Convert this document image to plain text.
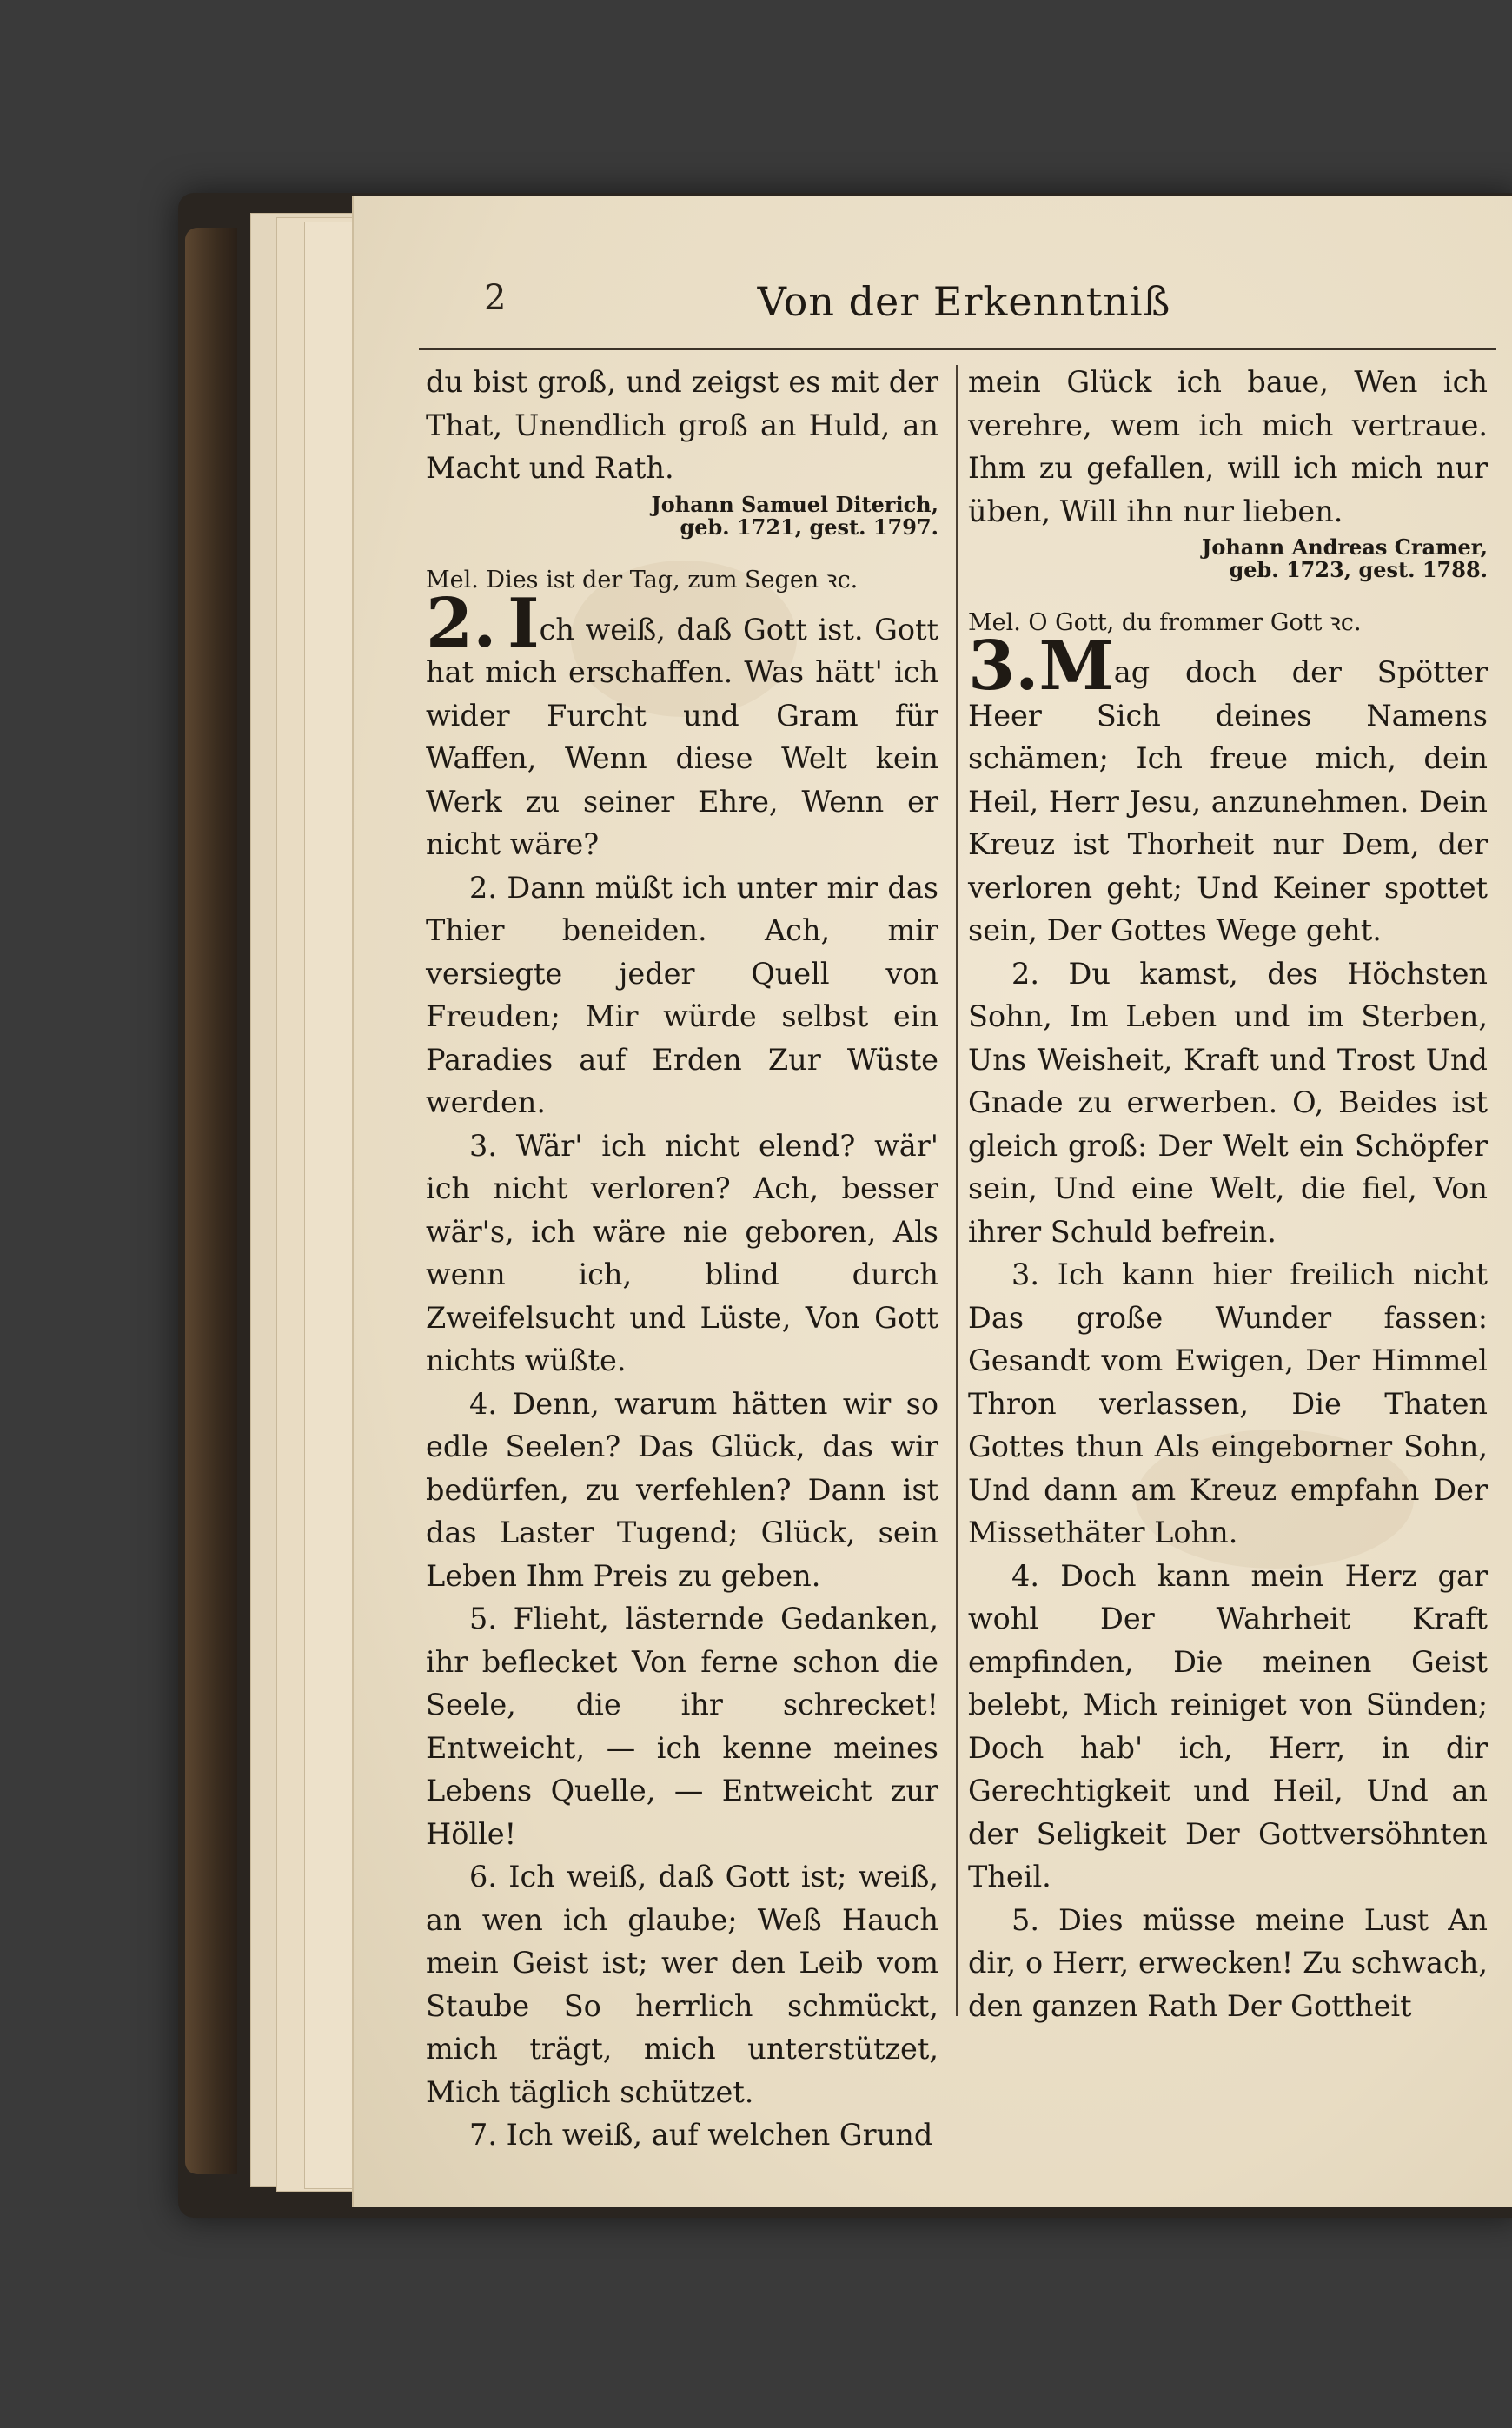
2	Von der Erkenntniß

du bist groß, und zeigst es mit der That, Unendlich groß an Huld, an Macht und Rath.

Johann Samuel Diterich,
geb. 1721, gest. 1797.

Mel. Dies ist der Tag, zum Segen ꝛc.

2. Ich weiß, daß Gott ist. Gott hat mich erschaffen. Was hätt' ich wider Furcht und Gram für Waffen, Wenn diese Welt kein Werk zu seiner Ehre, Wenn er nicht wäre?

2. Dann müßt ich unter mir das Thier beneiden. Ach, mir versiegte jeder Quell von Freuden; Mir würde selbst ein Paradies auf Erden Zur Wüste werden.

3. Wär' ich nicht elend? wär' ich nicht verloren? Ach, besser wär's, ich wäre nie geboren, Als wenn ich, blind durch Zweifelsucht und Lüste, Von Gott nichts wüßte.

4. Denn, warum hätten wir so edle Seelen? Das Glück, das wir bedürfen, zu verfehlen? Dann ist das Laster Tugend; Glück, sein Leben Ihm Preis zu geben.

5. Flieht, lästernde Gedanken, ihr beflecket Von ferne schon die Seele, die ihr schrecket! Entweicht, — ich kenne meines Lebens Quelle, — Entweicht zur Hölle!

6. Ich weiß, daß Gott ist; weiß, an wen ich glaube; Weß Hauch mein Geist ist; wer den Leib vom Staube So herrlich schmückt, mich trägt, mich unterstützet, Mich täglich schützet.

7. Ich weiß, auf welchen Grund

mein Glück ich baue, Wen ich verehre, wem ich mich vertraue. Ihm zu gefallen, will ich mich nur üben, Will ihn nur lieben.

Johann Andreas Cramer,
geb. 1723, gest. 1788.

Mel. O Gott, du frommer Gott ꝛc.

3.Mag doch der Spötter Heer Sich deines Namens schämen; Ich freue mich, dein Heil, Herr Jesu, anzunehmen. Dein Kreuz ist Thorheit nur Dem, der verloren geht; Und Keiner spottet sein, Der Gottes Wege geht.

2. Du kamst, des Höchsten Sohn, Im Leben und im Sterben, Uns Weisheit, Kraft und Trost Und Gnade zu erwerben. O, Beides ist gleich groß: Der Welt ein Schöpfer sein, Und eine Welt, die fiel, Von ihrer Schuld befrein.

3. Ich kann hier freilich nicht Das große Wunder fassen: Gesandt vom Ewigen, Der Himmel Thron verlassen, Die Thaten Gottes thun Als eingeborner Sohn, Und dann am Kreuz empfahn Der Missethäter Lohn.

4. Doch kann mein Herz gar wohl Der Wahrheit Kraft empfinden, Die meinen Geist belebt, Mich reiniget von Sünden; Doch hab' ich, Herr, in dir Gerechtigkeit und Heil, Und an der Seligkeit Der Gottversöhnten Theil.

5. Dies müsse meine Lust An dir, o Herr, erwecken! Zu schwach, den ganzen Rath Der Gottheit
